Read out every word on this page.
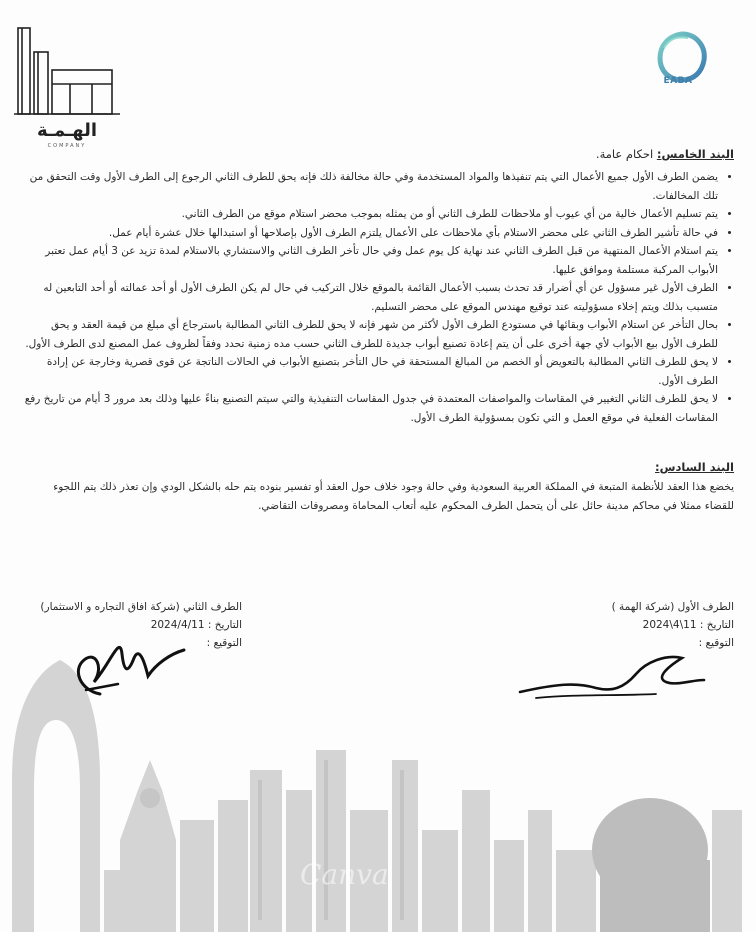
الهـمـة
COMPANY
EABA
البند الخامس: احكام عامة.
• يضمن الطرف الأول جميع الأعمال التي يتم تنفيذها والمواد المستخدمة وفي حالة مخالفة ذلك فإنه يحق للطرف الثاني الرجوع إلى الطرف الأول وقت التحقق من تلك المخالفات.
• يتم تسليم الأعمال خالية من أي عيوب أو ملاحظات للطرف الثاني أو من يمثله بموجب محضر استلام موقع من الطرف الثاني.
• في حالة تأشير الطرف الثاني على محضر الاستلام بأي ملاحظات على الأعمال يلتزم الطرف الأول بإصلاحها أو استبدالها خلال عشرة أيام عمل.
• يتم استلام الأعمال المنتهية من قبل الطرف الثاني عند نهاية كل يوم عمل وفي حال تأخر الطرف الثاني والاستشاري بالاستلام لمدة تزيد عن 3 أيام عمل تعتبر الأبواب المركبة مستلمة وموافق عليها.
• الطرف الأول غير مسؤول عن أي أضرار قد تحدث بسبب الأعمال القائمة بالموقع خلال التركيب في حال لم يكن الطرف الأول أو أحد عمالته أو أحد التابعين له متسبب بذلك ويتم إخلاء مسؤوليته عند توقيع مهندس الموقع على محضر التسليم.
• بحال التأخر عن استلام الأبواب وبقائها في مستودع الطرف الأول لأكثر من شهر فإنه لا يحق للطرف الثاني المطالبة باسترجاع أي مبلغ من قيمة العقد و يحق للطرف الأول بيع الأبواب لأي جهة أخرى على أن يتم إعادة تصنيع أبواب جديدة للطرف الثاني حسب مده زمنية تحدد وفقاً لظروف عمل المصنع لدى الطرف الأول.
• لا يحق للطرف الثاني المطالبة بالتعويض أو الخصم من المبالغ المستحقة في حال التأخر بتصنيع الأبواب في الحالات الناتجة عن قوى قصرية وخارجة عن إرادة الطرف الأول.
• لا يحق للطرف الثاني التغيير في المقاسات والمواصفات المعتمدة في جدول المقاسات التنفيذية والتي سيتم التصنيع بناءً عليها وذلك بعد مرور 3 أيام من تاريخ رفع المقاسات الفعلية في موقع العمل و التي تكون بمسؤولية الطرف الأول.
البند السادس:

يخضع هذا العقد للأنظمة المتبعة في المملكة العربية السعودية وفي حالة وجود خلاف حول العقد أو تفسير بنوده يتم حله بالشكل الودي وإن تعذر ذلك يتم اللجوء للقضاء ممثلا في محاكم مدينة حائل على أن يتحمل الطرف المحكوم عليه أتعاب المحاماة ومصروفات التقاضي.

الطرف الأول (شركة الهمة )
التاريخ : 11\4\2024
التوقيع :
الطرف الثاني (شركة افاق التجاره و الاستثمار)
التاريخ : 2024/4/11
التوقيع :
Canva
